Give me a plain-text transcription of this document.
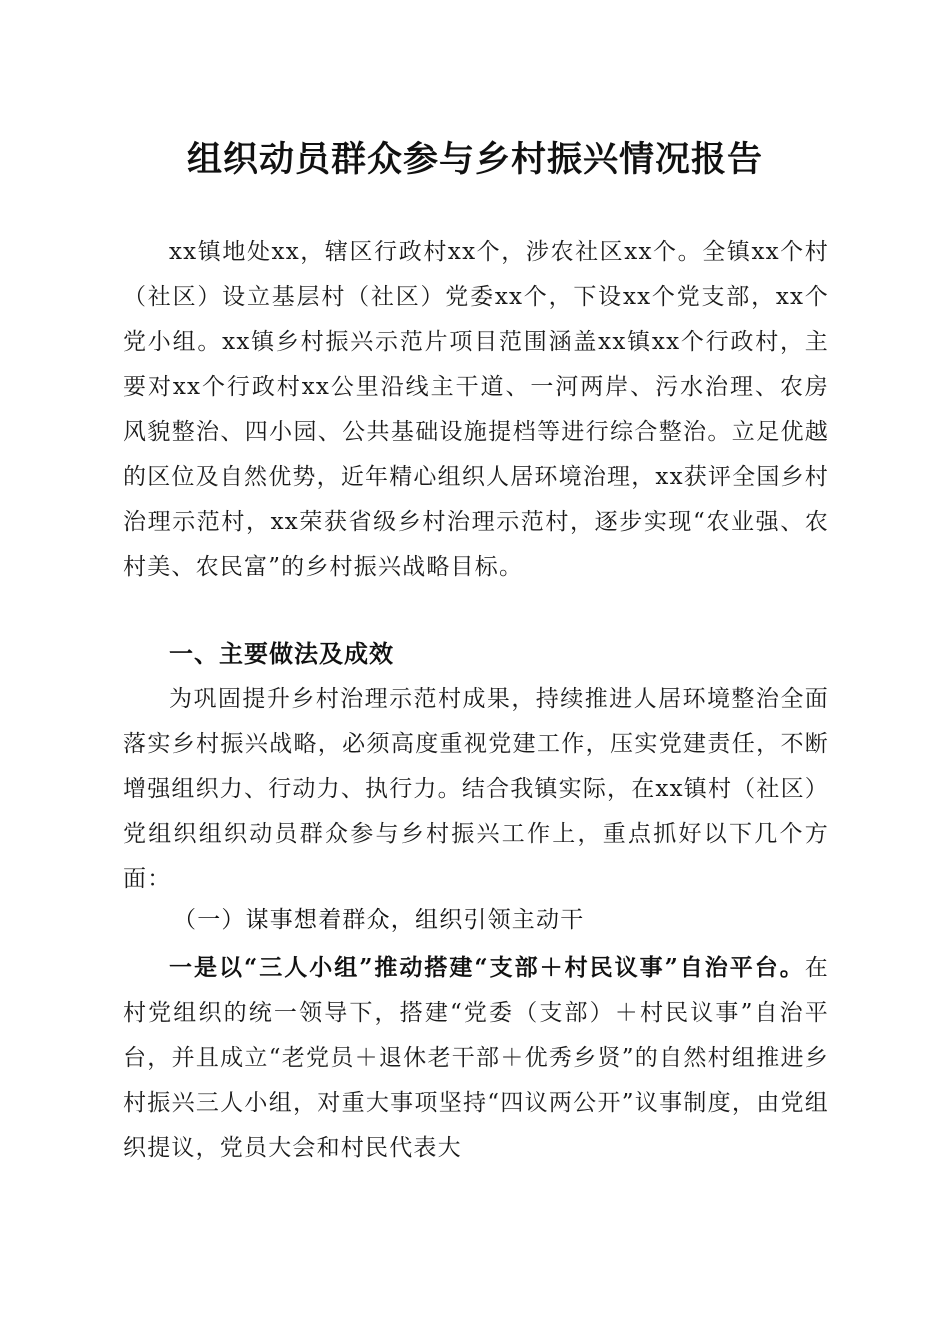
组织动员群众参与乡村振兴情况报告

xx镇地处xx，辖区行政村xx个，涉农社区xx个。全镇xx个村（社区）设立基层村（社区）党委xx个，下设xx个党支部，xx个党小组。xx镇乡村振兴示范片项目范围涵盖xx镇xx个行政村，主要对xx个行政村xx公里沿线主干道、一河两岸、污水治理、农房风貌整治、四小园、公共基础设施提档等进行综合整治。立足优越的区位及自然优势，近年精心组织人居环境治理，xx获评全国乡村治理示范村，xx荣获省级乡村治理示范村，逐步实现“农业强、农村美、农民富”的乡村振兴战略目标。

一、主要做法及成效

为巩固提升乡村治理示范村成果，持续推进人居环境整治全面落实乡村振兴战略，必须高度重视党建工作，压实党建责任，不断增强组织力、行动力、执行力。结合我镇实际，在xx镇村（社区）党组织组织动员群众参与乡村振兴工作上，重点抓好以下几个方面：

（一）谋事想着群众，组织引领主动干

一是以“三人小组”推动搭建“支部＋村民议事”自治平台。在村党组织的统一领导下，搭建“党委（支部）＋村民议事”自治平台，并且成立“老党员＋退休老干部＋优秀乡贤”的自然村组推进乡村振兴三人小组，对重大事项坚持“四议两公开”议事制度，由党组织提议，党员大会和村民代表大
